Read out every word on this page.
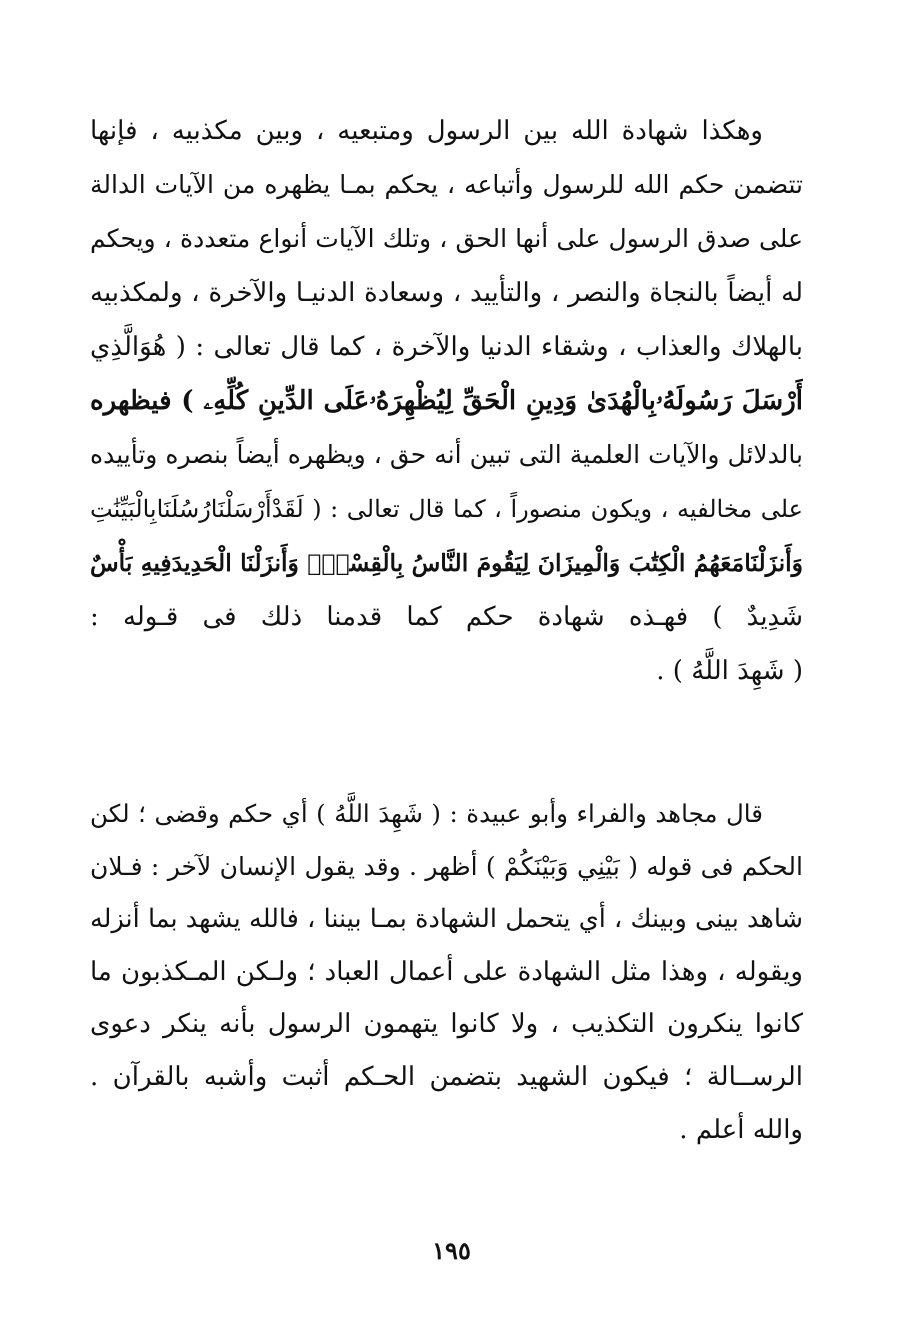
وهكذا شهادة الله بين الرسول ومتبعيه ، وبين مكذبيه ، فإنها
تتضمن حكم الله للرسول وأتباعه ، يحكم بمـا يظهره من الآيات الدالة
على صدق الرسول على أنها الحق ، وتلك الآيات أنواع متعددة ، ويحكم
له أيضاً بالنجاة والنصر ، والتأييد ، وسعادة الدنيـا والآخرة ، ولمكذبيه
بالهلاك والعذاب ، وشقاء الدنيا والآخرة ، كما قال تعالى : ( هُوَالَّذِي
أَرْسَلَ رَسُولَهُۥبِالْهُدَىٰ وَدِينِ الْحَقِّ لِيُظْهِرَهُۥعَلَى الدِّينِ كُلِّهِۦ ) فيظهره
بالدلائل والآيات العلمية التى تبين أنه حق ، ويظهره أيضاً بنصره وتأييده
على مخالفيه ، ويكون منصوراً ، كما قال تعالى : ( لَقَدْأَرْسَلْنَارُسُلَنَابِالْبَيِّنَٰتِ
وَأَنزَلْنَامَعَهُمُ الْكِتَٰبَ وَالْمِيزَانَ لِيَقُومَ النَّاسُ بِالْقِسْطِۖ وَأَنزَلْنَا الْحَدِيدَفِيهِ بَأْسٌ
شَدِيدٌ ) فهـذه شهادة حكم كما قدمنا ذلك فى قـوله :
( شَهِدَ اللَّهُ ) .
قال مجاهد والفراء وأبو عبيدة : ( شَهِدَ اللَّهُ ) أي حكم وقضى ؛ لكن
الحكم فى قوله ( بَيْنِي وَبَيْنَكُمْ ) أظهر . وقد يقول الإنسان لآخر : فـلان
شاهد بينى وبينك ، أي يتحمل الشهادة بمـا بيننا ، فالله يشهد بما أنزله
ويقوله ، وهذا مثل الشهادة على أعمال العباد ؛ ولـكن المـكذبون ما
كانوا ينكرون التكذيب ، ولا كانوا يتهمون الرسول بأنه ينكر دعوى
الرســالة ؛ فيكون الشهيد بتضمن الحـكم أثبت وأشبه بالقرآن .
والله أعلم .
١٩٥
